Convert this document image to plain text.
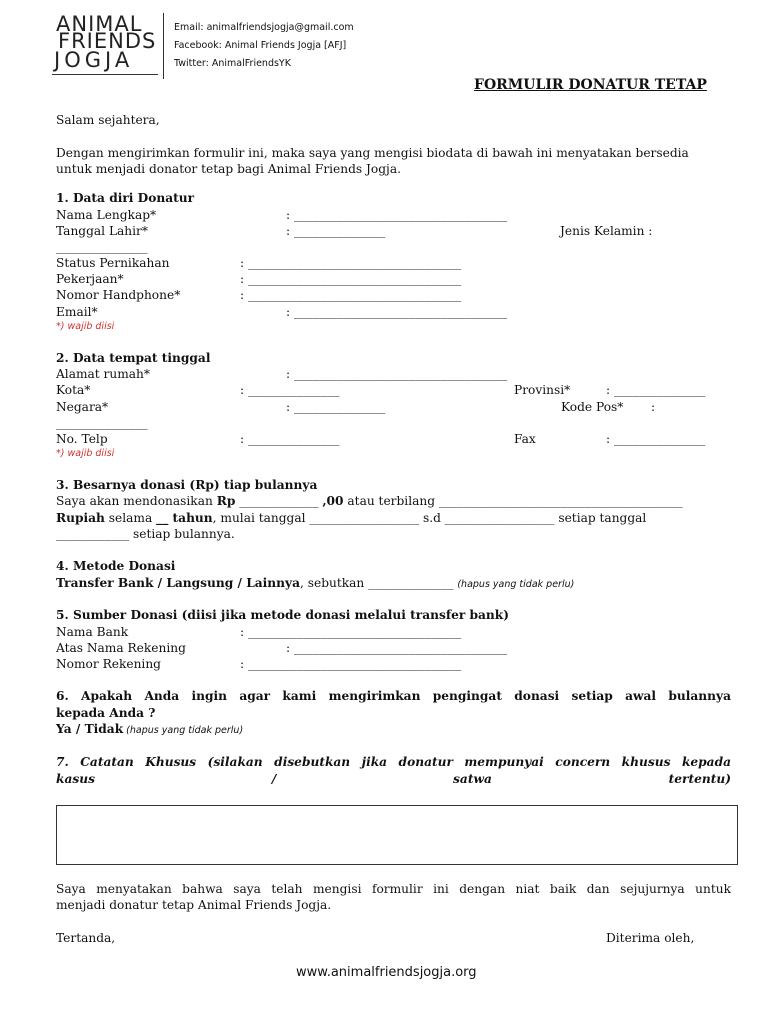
ANIMAL
FRIENDS
JOGJA
Email: animalfriendsjogja@gmail.com
Facebook: Animal Friends Jogja [AFJ]
Twitter: AnimalFriendsYK
FORMULIR DONATUR TETAP
Salam sejahtera,
Dengan mengirimkan formulir ini, maka saya yang mengisi biodata di bawah ini menyatakan bersedia
untuk menjadi donator tetap bagi Animal Friends Jogja.
1. Data diri Donatur
Nama Lengkap*	: ___________________________________
Tanggal Lahir*	: _______________	Jenis Kelamin :
_______________
Status Pernikahan	: ___________________________________
Pekerjaan*	: ___________________________________
Nomor Handphone*	: ___________________________________
Email*	: ___________________________________
*) wajib diisi
2. Data tempat tinggal
Alamat rumah*	: ___________________________________
Kota*	: _______________	Provinsi*	: _______________
Negara*	: _______________	Kode Pos* :
_______________
No. Telp	: _______________	Fax	: _______________
*) wajib diisi
3. Besarnya donasi (Rp) tiap bulannya
Saya akan mendonasikan Rp _____________ ,00 atau terbilang ________________________________________
Rupiah selama __ tahun, mulai tanggal __________________ s.d __________________ setiap tanggal
____________ setiap bulannya.
4. Metode Donasi
Transfer Bank / Langsung / Lainnya, sebutkan ______________ (hapus yang tidak perlu)
5. Sumber Donasi (diisi jika metode donasi melalui transfer bank)
Nama Bank	: ___________________________________
Atas Nama Rekening	: ___________________________________
Nomor Rekening	: ___________________________________
6. Apakah Anda ingin agar kami mengirimkan pengingat donasi setiap awal bulannya
kepada Anda ?
Ya / Tidak (hapus yang tidak perlu)
7. Catatan Khusus (silakan disebutkan jika donatur mempunyai concern khusus kepada
kasus / satwa tertentu)
Saya menyatakan bahwa saya telah mengisi formulir ini dengan niat baik dan sejujurnya untuk
menjadi donatur tetap Animal Friends Jogja.
Tertanda,	Diterima oleh,
www.animalfriendsjogja.org
